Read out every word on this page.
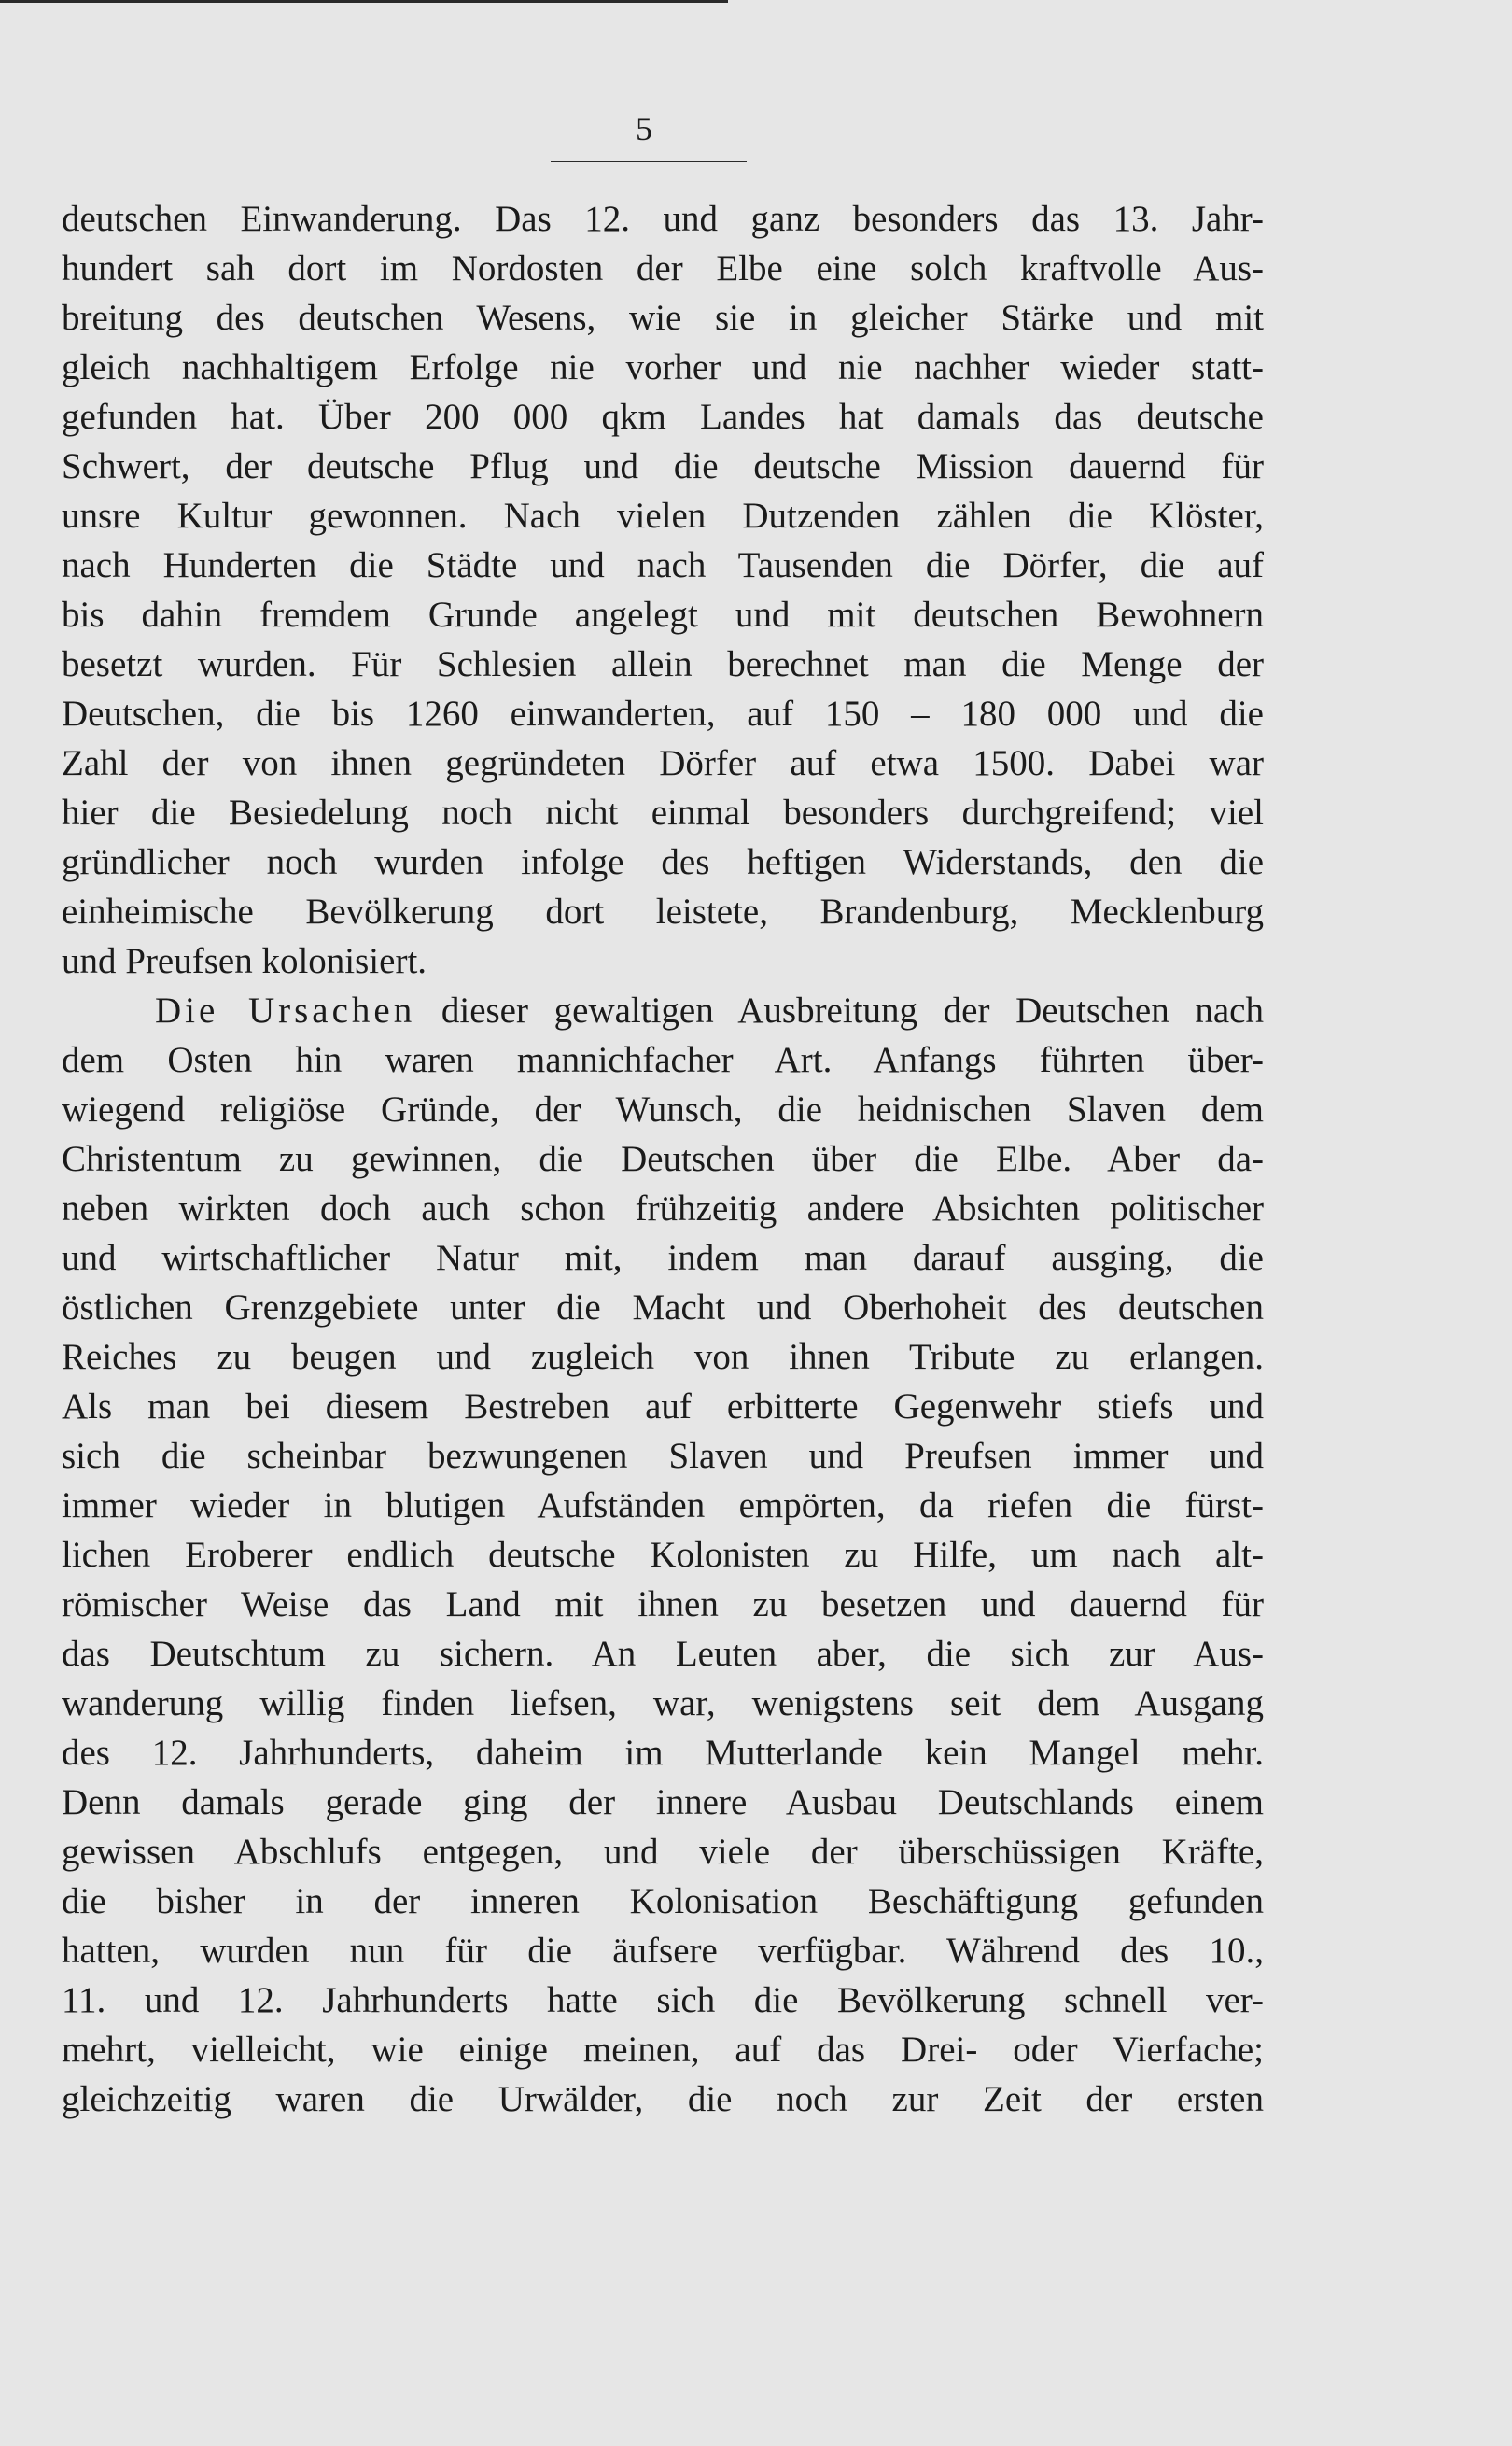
5
deutschen Einwanderung. Das 12. und ganz besonders das 13. Jahr-
hundert sah dort im Nordosten der Elbe eine solch kraftvolle Aus-
breitung des deutschen Wesens, wie sie in gleicher Stärke und mit
gleich nachhaltigem Erfolge nie vorher und nie nachher wieder statt-
gefunden hat. Über 200 000 qkm Landes hat damals das deutsche
Schwert, der deutsche Pflug und die deutsche Mission dauernd für
unsre Kultur gewonnen. Nach vielen Dutzenden zählen die Klöster,
nach Hunderten die Städte und nach Tausenden die Dörfer, die auf
bis dahin fremdem Grunde angelegt und mit deutschen Bewohnern
besetzt wurden. Für Schlesien allein berechnet man die Menge der
Deutschen, die bis 1260 einwanderten, auf 150 – 180 000 und die
Zahl der von ihnen gegründeten Dörfer auf etwa 1500. Dabei war
hier die Besiedelung noch nicht einmal besonders durchgreifend; viel
gründlicher noch wurden infolge des heftigen Widerstands, den die
einheimische Bevölkerung dort leistete, Brandenburg, Mecklenburg
und Preufsen kolonisiert.
Die Ursachen dieser gewaltigen Ausbreitung der Deutschen nach
dem Osten hin waren mannichfacher Art. Anfangs führten über-
wiegend religiöse Gründe, der Wunsch, die heidnischen Slaven dem
Christentum zu gewinnen, die Deutschen über die Elbe. Aber da-
neben wirkten doch auch schon frühzeitig andere Absichten politischer
und wirtschaftlicher Natur mit, indem man darauf ausging, die
östlichen Grenzgebiete unter die Macht und Oberhoheit des deutschen
Reiches zu beugen und zugleich von ihnen Tribute zu erlangen.
Als man bei diesem Bestreben auf erbitterte Gegenwehr stiefs und
sich die scheinbar bezwungenen Slaven und Preufsen immer und
immer wieder in blutigen Aufständen empörten, da riefen die fürst-
lichen Eroberer endlich deutsche Kolonisten zu Hilfe, um nach alt-
römischer Weise das Land mit ihnen zu besetzen und dauernd für
das Deutschtum zu sichern. An Leuten aber, die sich zur Aus-
wanderung willig finden liefsen, war, wenigstens seit dem Ausgang
des 12. Jahrhunderts, daheim im Mutterlande kein Mangel mehr.
Denn damals gerade ging der innere Ausbau Deutschlands einem
gewissen Abschlufs entgegen, und viele der überschüssigen Kräfte,
die bisher in der inneren Kolonisation Beschäftigung gefunden
hatten, wurden nun für die äufsere verfügbar. Während des 10.,
11. und 12. Jahrhunderts hatte sich die Bevölkerung schnell ver-
mehrt, vielleicht, wie einige meinen, auf das Drei- oder Vierfache;
gleichzeitig waren die Urwälder, die noch zur Zeit der ersten
